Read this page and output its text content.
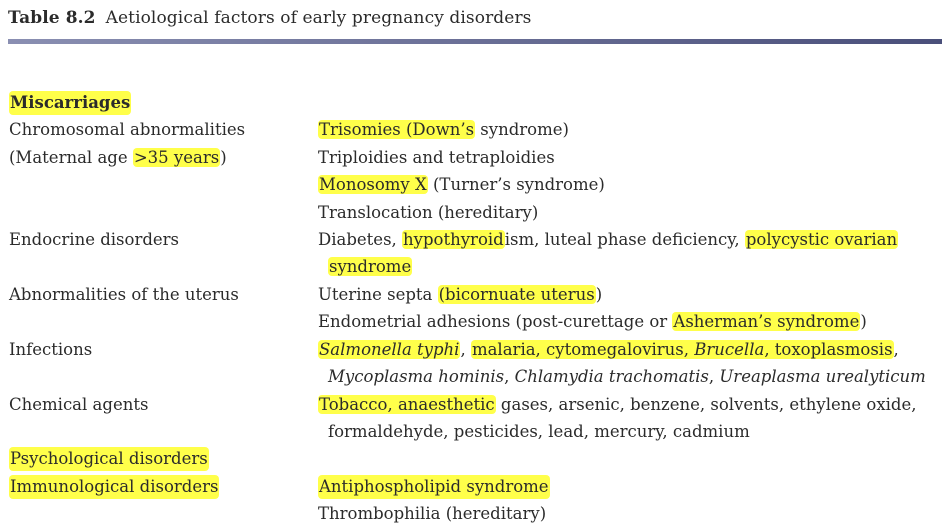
Table 8.2 Aetiological factors of early pregnancy disorders
Miscarriages
Chromosomal abnormalities	Trisomies (Down’s syndrome)
(Maternal age >35 years)	Triploidies and tetraploidies
Monosomy X (Turner’s syndrome)
Translocation (hereditary)
Endocrine disorders	Diabetes, hypothyroidism, luteal phase deficiency, polycystic ovarian
syndrome
Abnormalities of the uterus	Uterine septa (bicornuate uterus)
Endometrial adhesions (post-curettage or Asherman’s syndrome)
Infections	Salmonella typhi, malaria, cytomegalovirus, Brucella, toxoplasmosis,
Mycoplasma hominis, Chlamydia trachomatis, Ureaplasma urealyticum
Chemical agents	Tobacco, anaesthetic gases, arsenic, benzene, solvents, ethylene oxide,
formaldehyde, pesticides, lead, mercury, cadmium
Psychological disorders
Immunological disorders	Antiphospholipid syndrome
Thrombophilia (hereditary)
